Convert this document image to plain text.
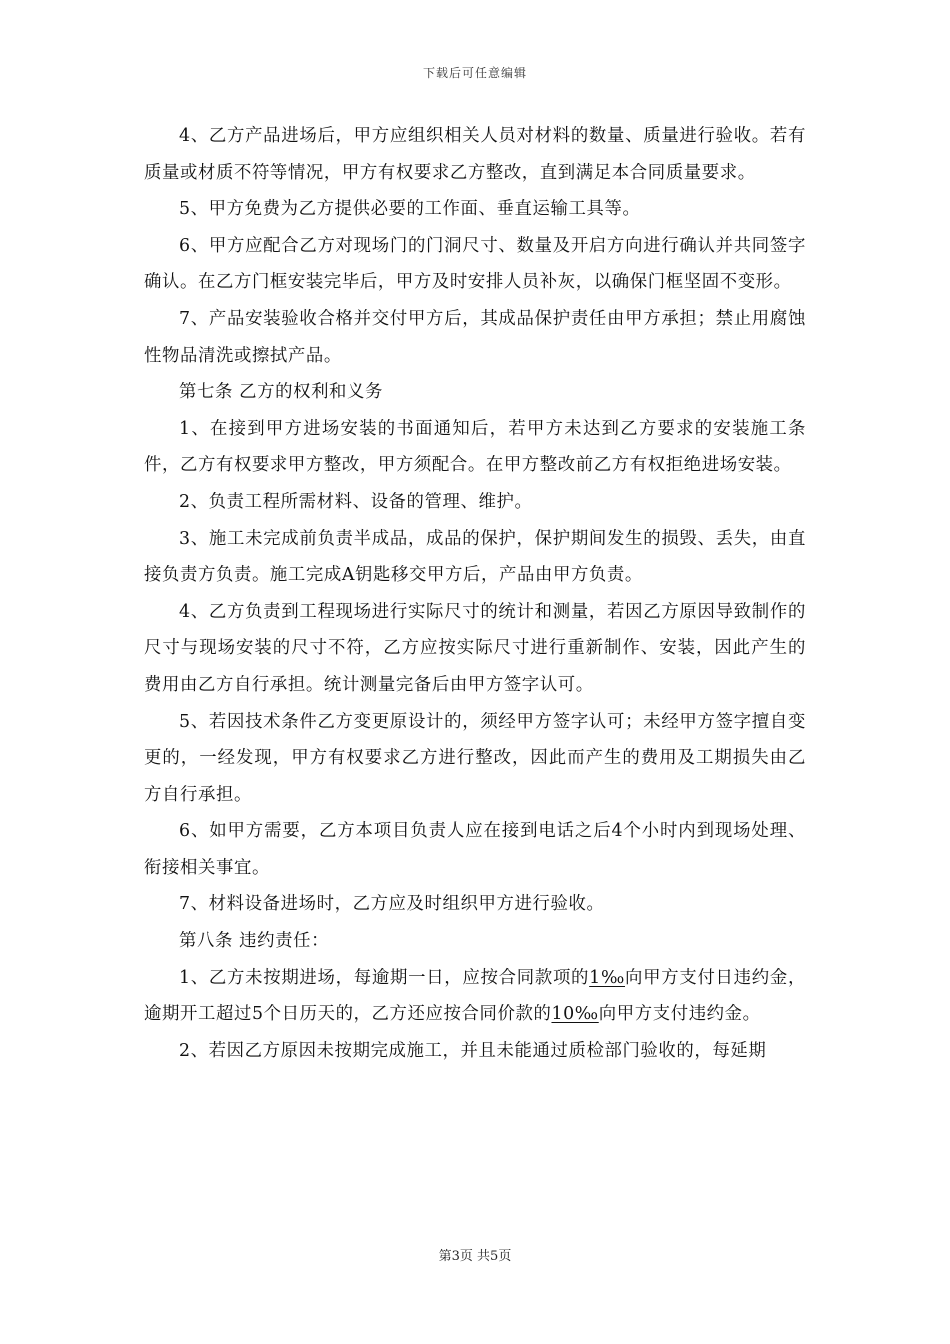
下载后可任意编辑

4、乙方产品进场后，甲方应组织相关人员对材料的数量、质量进行验收。若有质量或材质不符等情况，甲方有权要求乙方整改，直到满足本合同质量要求。

5、甲方免费为乙方提供必要的工作面、垂直运输工具等。

6、甲方应配合乙方对现场门的门洞尺寸、数量及开启方向进行确认并共同签字确认。在乙方门框安装完毕后，甲方及时安排人员补灰，以确保门框坚固不变形。

7、产品安装验收合格并交付甲方后，其成品保护责任由甲方承担；禁止用腐蚀性物品清洗或擦拭产品。

第七条 乙方的权利和义务

1、在接到甲方进场安装的书面通知后，若甲方未达到乙方要求的安装施工条件，乙方有权要求甲方整改，甲方须配合。在甲方整改前乙方有权拒绝进场安装。

2、负责工程所需材料、设备的管理、维护。

3、施工未完成前负责半成品，成品的保护，保护期间发生的损毁、丢失，由直接负责方负责。施工完成A钥匙移交甲方后，产品由甲方负责。

4、乙方负责到工程现场进行实际尺寸的统计和测量，若因乙方原因导致制作的尺寸与现场安装的尺寸不符，乙方应按实际尺寸进行重新制作、安装，因此产生的费用由乙方自行承担。统计测量完备后由甲方签字认可。

5、若因技术条件乙方变更原设计的，须经甲方签字认可；未经甲方签字擅自变更的，一经发现，甲方有权要求乙方进行整改，因此而产生的费用及工期损失由乙方自行承担。

6、如甲方需要，乙方本项目负责人应在接到电话之后4个小时内到现场处理、衔接相关事宜。

7、材料设备进场时，乙方应及时组织甲方进行验收。

第八条 违约责任：

1、乙方未按期进场，每逾期一日，应按合同款项的1‰向甲方支付日违约金，逾期开工超过5个日历天的，乙方还应按合同价款的10‰向甲方支付违约金。

2、若因乙方原因未按期完成施工，并且未能通过质检部门验收的，每延期

第3页 共5页
